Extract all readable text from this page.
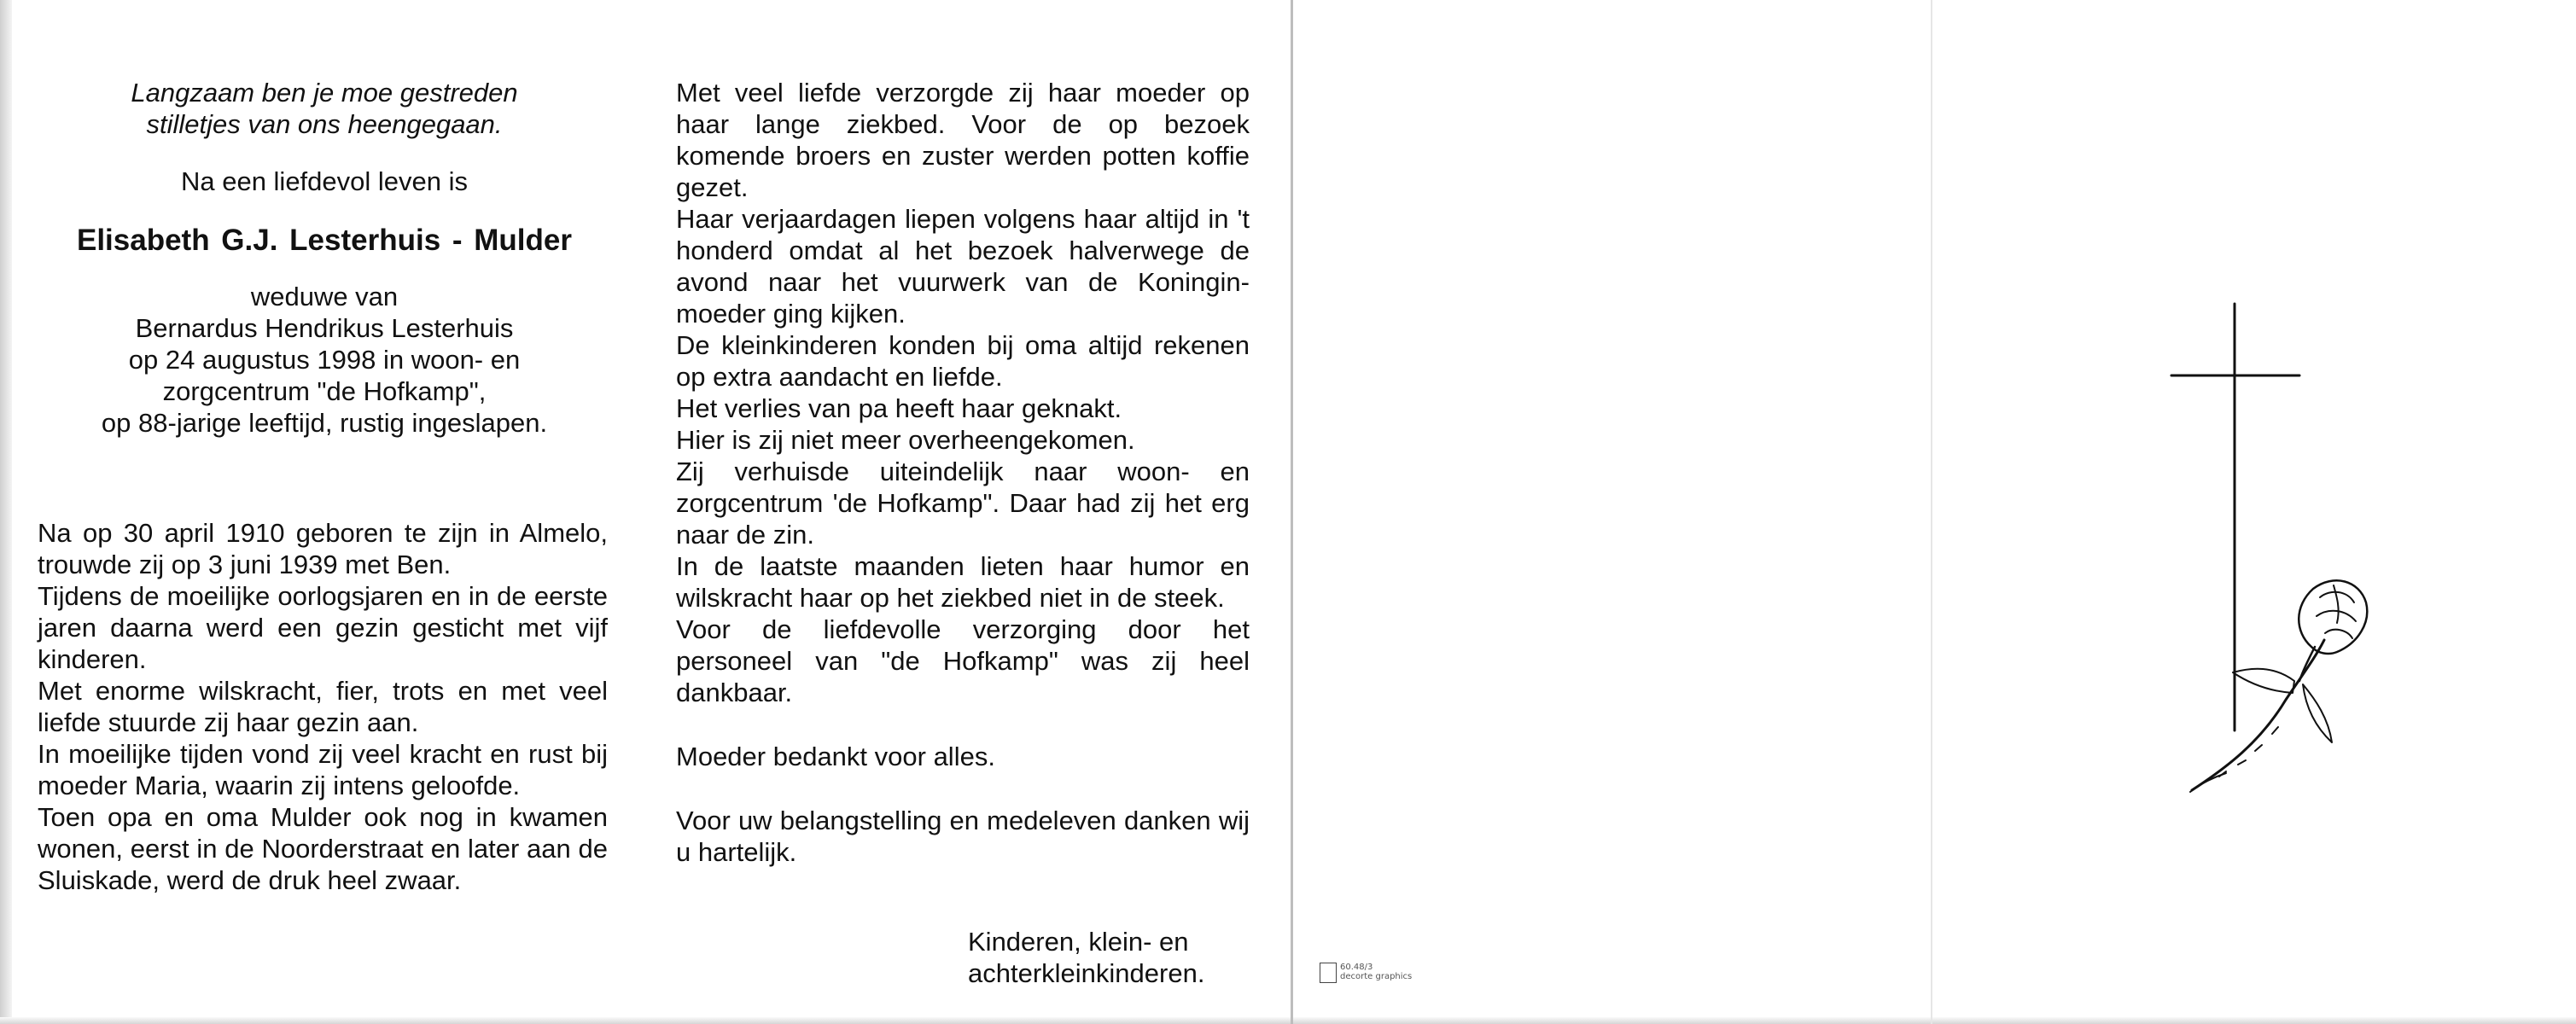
Langzaam ben je moe gestreden

stilletjes van ons heengegaan.

Na een liefdevol leven is

Elisabeth G.J. Lesterhuis - Mulder

weduwe van

Bernardus Hendrikus Lesterhuis

op 24 augustus 1998 in woon- en

zorgcentrum "de Hofkamp",

op 88-jarige leeftijd, rustig ingeslapen.

Na op 30 april 1910 geboren te zijn in Almelo, trouwde zij op 3 juni 1939 met Ben.

Tijdens de moeilijke oorlogsjaren en in de eerste jaren daarna werd een gezin gesticht met vijf kinderen.

Met enorme wilskracht, fier, trots en met veel liefde stuurde zij haar gezin aan.

In moeilijke tijden vond zij veel kracht en rust bij moeder Maria, waarin zij intens geloofde.

Toen opa en oma Mulder ook nog in kwamen wonen, eerst in de Noorderstraat en later aan de Sluiskade, werd de druk heel zwaar.

Met veel liefde verzorgde zij haar moeder op haar lange ziekbed. Voor de op bezoek komende broers en zuster werden potten koffie gezet.

Haar verjaardagen liepen volgens haar altijd in 't honderd omdat al het bezoek halverwege de avond naar het vuurwerk van de Koningin-moeder ging kijken.

De kleinkinderen konden bij oma altijd rekenen op extra aandacht en liefde.

Het verlies van pa heeft haar geknakt.

Hier is zij niet meer overheengekomen.

Zij verhuisde uiteindelijk naar woon- en zorgcentrum 'de Hofkamp". Daar had zij het erg naar de zin.

In de laatste maanden lieten haar humor en wilskracht haar op het ziekbed niet in de steek.

Voor de liefdevolle verzorging door het personeel van "de Hofkamp" was zij heel dankbaar.

Moeder bedankt voor alles.

Voor uw belangstelling en medeleven danken wij u hartelijk.

Kinderen, klein- en

achterkleinkinderen.	60.48/3
decorte graphics
